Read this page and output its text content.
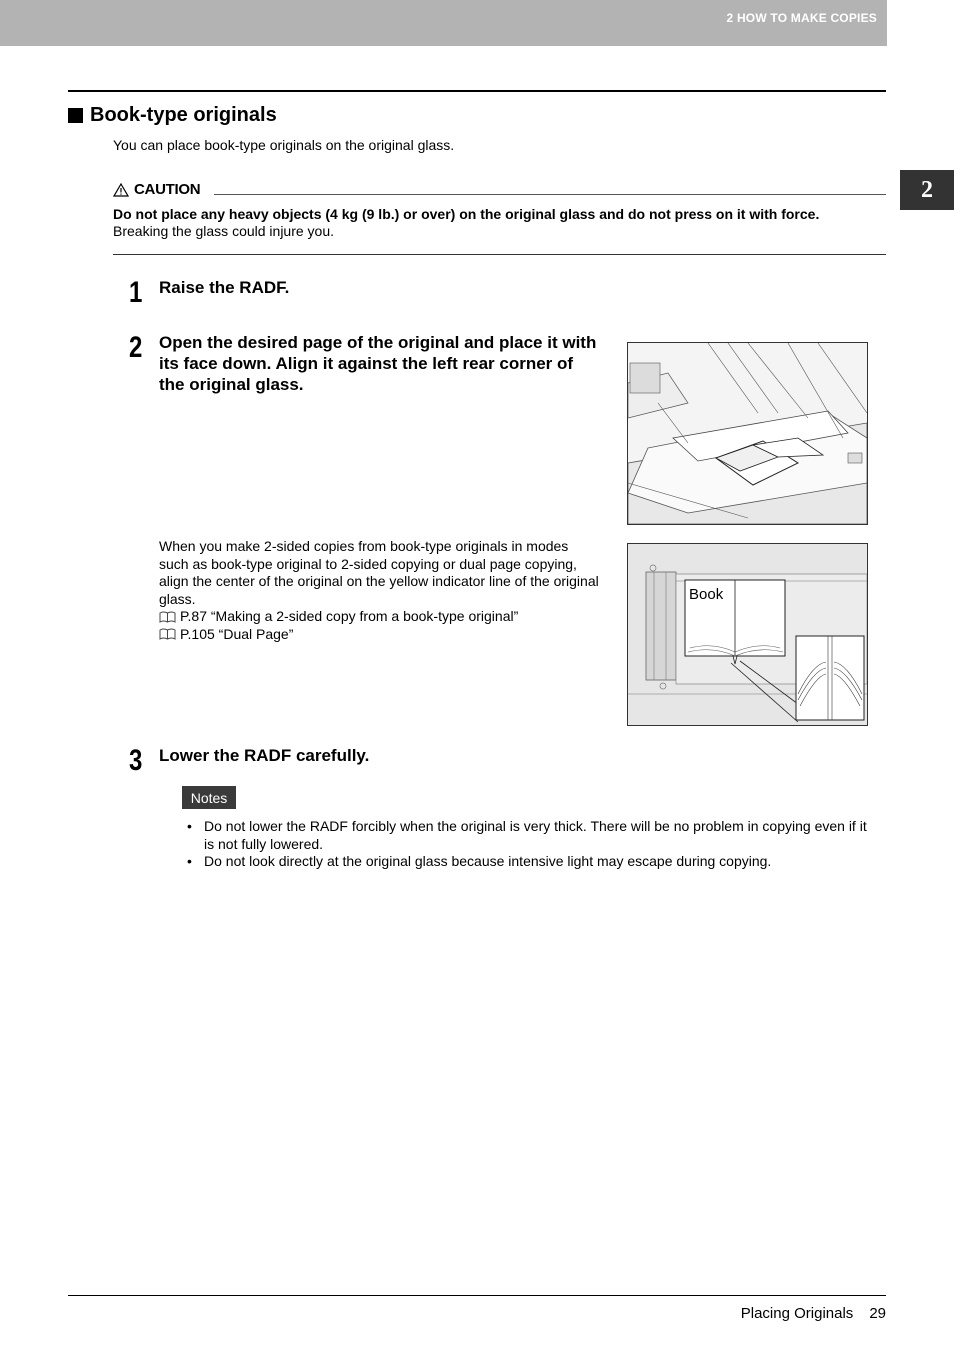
2 HOW TO MAKE COPIES
2
Book-type originals
You can place book-type originals on the original glass.
CAUTION
Do not place any heavy objects (4 kg (9 lb.) or over) on the original glass and do not press on it with force.
Breaking the glass could injure you.
1 Raise the RADF.
2 Open the desired page of the original and place it with
its face down. Align it against the left rear corner of
the original glass.
When you make 2-sided copies from book-type originals in modes
such as book-type original to 2-sided copying or dual page copying,
align the center of the original on the yellow indicator line of the original
glass.
P.87 “Making a 2-sided copy from a book-type original”
P.105 “Dual Page”
Book
3 Lower the RADF carefully.
Notes
• Do not lower the RADF forcibly when the original is very thick. There will be no problem in copying even if it
is not fully lowered.
• Do not look directly at the original glass because intensive light may escape during copying.
Placing Originals 29
